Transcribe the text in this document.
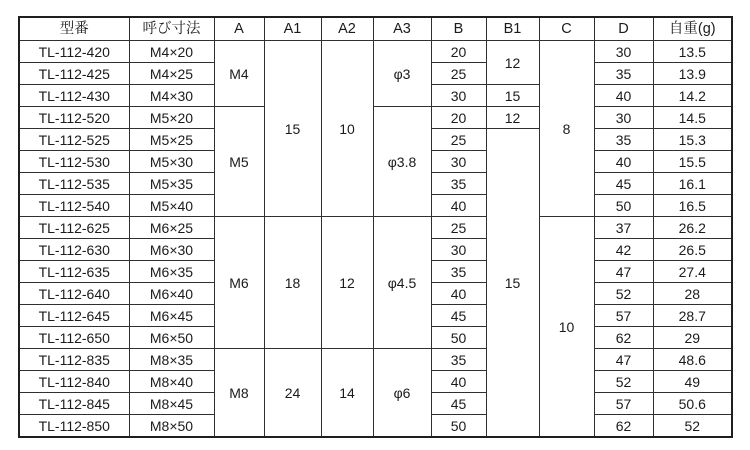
型番	呼び寸法	A	A1	A2	A3	B	B1	C	D	自重(g)
TL-112-420	M4×20	M4	15	10	φ3	20	12	8	30	13.5
TL-112-425	M4×25					25			35	13.9
TL-112-430	M4×30					30	15		40	14.2
TL-112-520	M5×20	M5			φ3.8	20	12		30	14.5
TL-112-525	M5×25					25	15		35	15.3
TL-112-530	M5×30					30			40	15.5
TL-112-535	M5×35					35			45	16.1
TL-112-540	M5×40					40			50	16.5
TL-112-625	M6×25	M6	18	12	φ4.5	25		10	37	26.2
TL-112-630	M6×30					30			42	26.5
TL-112-635	M6×35					35			47	27.4
TL-112-640	M6×40					40			52	28
TL-112-645	M6×45					45			57	28.7
TL-112-650	M6×50					50			62	29
TL-112-835	M8×35	M8	24	14	φ6	35			47	48.6
TL-112-840	M8×40					40			52	49
TL-112-845	M8×45					45			57	50.6
TL-112-850	M8×50					50			62	52
